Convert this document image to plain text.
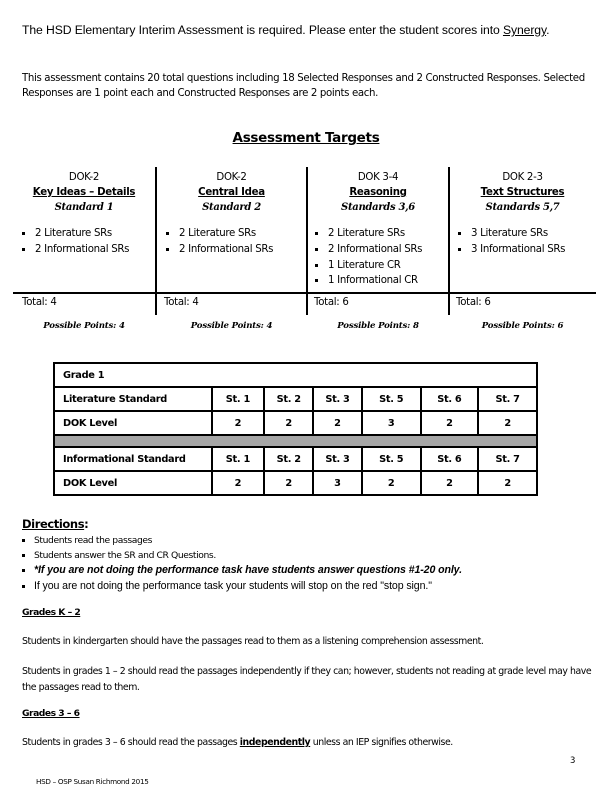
The HSD Elementary Interim Assessment is required. Please enter the student scores into Synergy.
This assessment contains 20 total questions including 18 Selected Responses and 2 Constructed Responses. Selected Responses are 1 point each and Constructed Responses are 2 points each.
Assessment Targets
DOK-2
Key Ideas – Details
Standard 1
2 Literature SRs
2 Informational SRs
Total: 4
Possible Points: 4
DOK-2
Central Idea
Standard 2
2 Literature SRs
2 Informational SRs
Total: 4
Possible Points: 4
DOK 3-4
Reasoning
Standards 3,6
2 Literature SRs
2 Informational SRs
1 Literature CR
1 Informational CR
Total: 6
Possible Points: 8
DOK 2-3
Text Structures
Standards 5,7
3 Literature SRs
3 Informational SRs
Total: 6
Possible Points: 6
Grade 1						
Literature Standard	St. 1	St. 2	St. 3	St. 5	St. 6	St. 7
DOK Level	2	2	2	3	2	2

Informational Standard	St. 1	St. 2	St. 3	St. 5	St. 6	St. 7
DOK Level	2	2	3	2	2	2
Directions:
Students read the passages
Students answer the SR and CR Questions.
*If you are not doing the performance task have students answer questions #1-20 only.
If you are not doing the performance task your students will stop on the red "stop sign."
Grades K – 2
Students in kindergarten should have the passages read to them as a listening comprehension assessment.
Students in grades 1 – 2 should read the passages independently if they can; however, students not reading at grade level may have the passages read to them.
Grades 3 – 6
Students in grades 3 – 6 should read the passages independently unless an IEP signifies otherwise.
3
HSD – OSP Susan Richmond 2015
